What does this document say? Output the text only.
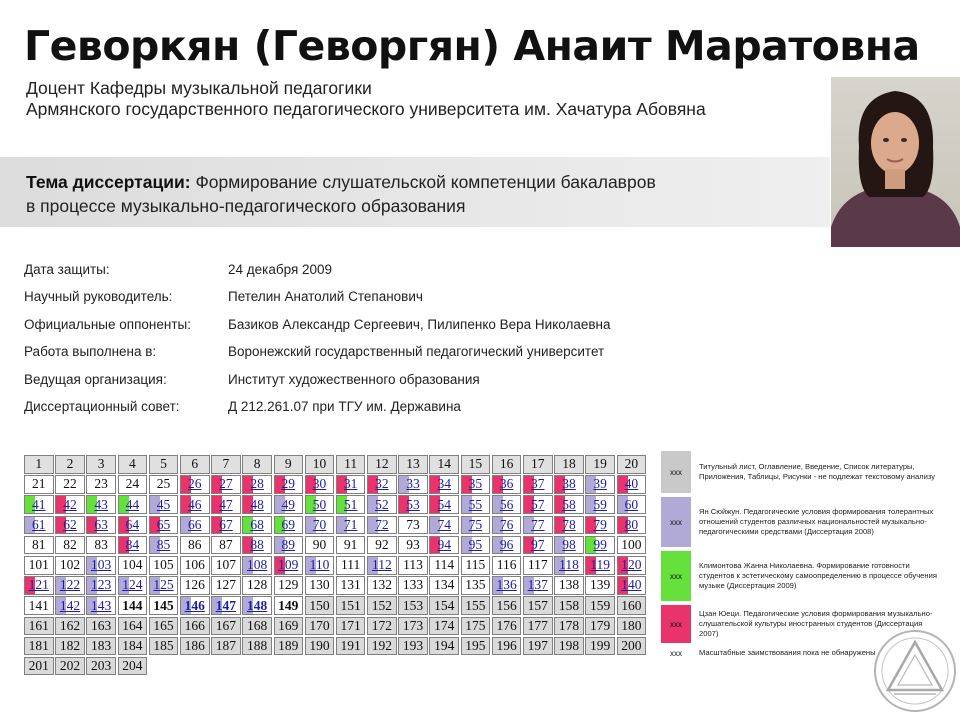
Геворкян (Геворгян) Анаит Маратовна
Доцент Кафедры музыкальной педагогики
Армянского государственного педагогического университета им. Хачатура Абовяна
Тема диссертации: Формирование слушательской компетенции бакалавров
в процессе музыкально-педагогического образования
Дата защиты:	24 декабря 2009
Научный руководитель:	Петелин Анатолий Степанович
Официальные оппоненты:	Базиков Александр Сергеевич, Пилипенко Вера Николаевна
Работа выполнена в:	Воронежский государственный педагогический университет
Ведущая организация:	Институт художественного образования
Диссертационный совет:	Д 212.261.07 при ТГУ им. Державина
1 2 3 4 5 6 7 8 9 10 11 12 13 14 15 16 17 18 19 20
21 22 23 24 25 26 27 28 29 30 31 32 33 34 35 36 37 38 39 40
41 42 43 44 45 46 47 48 49 50 51 52 53 54 55 56 57 58 59 60
61 62 63 64 65 66 67 68 69 70 71 72 73 74 75 76 77 78 79 80
81 82 83 84 85 86 87 88 89 90 91 92 93 94 95 96 97 98 99 100
101 102 103 104 105 106 107 108 109 110 111 112 113 114 115 116 117 118 119 120
121 122 123 124 125 126 127 128 129 130 131 132 133 134 135 136 137 138 139 140
141 142 143 144 145 146 147 148 149 150 151 152 153 154 155 156 157 158 159 160
161 162 163 164 165 166 167 168 169 170 171 172 173 174 175 176 177 178 179 180
181 182 183 184 185 186 187 188 189 190 191 192 193 194 195 196 197 198 199 200
201 202 203 204
xxx
Титульный лист, Оглавление, Введение, Список литературы, Приложения, Таблицы, Рисунки - не подлежат текстовому анализу
xxx
Ян Сюйжун. Педагогические условия формирования толерантных отношений студентов различных национальностей музыкально-педагогическими средствами (Диссертация 2008)
xxx
Климонтова Жанна Николаевна. Формирование готовности студентов к эстетическому самоопределению в процессе обучения музыке (Диссертация 2009)
xxx
Цзан Юеци. Педагогические условия формирования музыкально-слушательской культуры иностранных студентов (Диссертация 2007)
xxx	Масштабные заимствования пока не обнаружены
